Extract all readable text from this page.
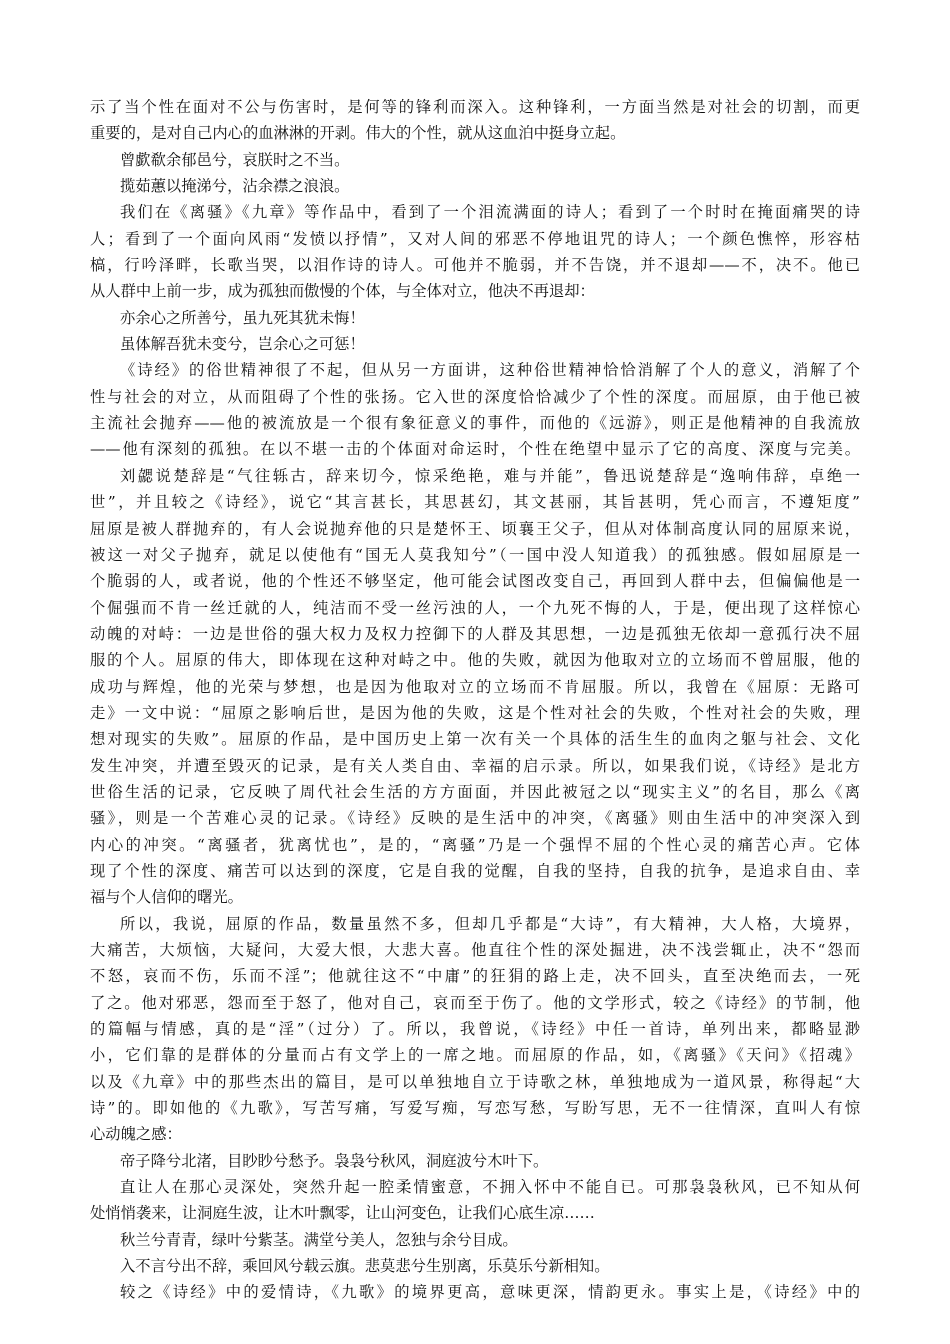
示了当个性在面对不公与伤害时，是何等的锋利而深入。这种锋利，一方面当然是对社会的切割，而更
重要的，是对自己内心的血淋淋的开剥。伟大的个性，就从这血泊中挺身立起。
曾歔欷余郁邑兮，哀朕时之不当。
揽茹蕙以掩涕兮，沾余襟之浪浪。
我们在《离骚》《九章》等作品中，看到了一个泪流满面的诗人；看到了一个时时在掩面痛哭的诗
人；看到了一个面向风雨“发愤以抒情”，又对人间的邪恶不停地诅咒的诗人；一个颜色憔悴，形容枯
槁，行吟泽畔，长歌当哭，以泪作诗的诗人。可他并不脆弱，并不告饶，并不退却——不，决不。他已
从人群中上前一步，成为孤独而傲慢的个体，与全体对立，他决不再退却：
亦余心之所善兮，虽九死其犹未悔！
虽体解吾犹未变兮，岂余心之可惩！
《诗经》的俗世精神很了不起，但从另一方面讲，这种俗世精神恰恰消解了个人的意义，消解了个
性与社会的对立，从而阻碍了个性的张扬。它入世的深度恰恰减少了个性的深度。而屈原，由于他已被
主流社会抛弃——他的被流放是一个很有象征意义的事件，而他的《远游》，则正是他精神的自我流放
——他有深刻的孤独。在以不堪一击的个体面对命运时，个性在绝望中显示了它的高度、深度与完美。
刘勰说楚辞是“气往轹古，辞来切今，惊采绝艳，难与并能”，鲁迅说楚辞是“逸响伟辞，卓绝一
世”，并且较之《诗经》，说它“其言甚长，其思甚幻，其文甚丽，其旨甚明，凭心而言，不遵矩度”
屈原是被人群抛弃的，有人会说抛弃他的只是楚怀王、顷襄王父子，但从对体制高度认同的屈原来说，
被这一对父子抛弃，就足以使他有“国无人莫我知兮”（一国中没人知道我）的孤独感。假如屈原是一
个脆弱的人，或者说，他的个性还不够坚定，他可能会试图改变自己，再回到人群中去，但偏偏他是一
个倔强而不肯一丝迁就的人，纯洁而不受一丝污浊的人，一个九死不悔的人，于是，便出现了这样惊心
动魄的对峙：一边是世俗的强大权力及权力控御下的人群及其思想，一边是孤独无依却一意孤行决不屈
服的个人。屈原的伟大，即体现在这种对峙之中。他的失败，就因为他取对立的立场而不曾屈服，他的
成功与辉煌，他的光荣与梦想，也是因为他取对立的立场而不肯屈服。所以，我曾在《屈原：无路可
走》一文中说：“屈原之影响后世，是因为他的失败，这是个性对社会的失败，个性对社会的失败，理
想对现实的失败”。屈原的作品，是中国历史上第一次有关一个具体的活生生的血肉之躯与社会、文化
发生冲突，并遭至毁灭的记录，是有关人类自由、幸福的启示录。所以，如果我们说，《诗经》是北方
世俗生活的记录，它反映了周代社会生活的方方面面，并因此被冠之以“现实主义”的名目，那么《离
骚》，则是一个苦难心灵的记录。《诗经》反映的是生活中的冲突，《离骚》则由生活中的冲突深入到
内心的冲突。“离骚者，犹离忧也”，是的，“离骚”乃是一个强悍不屈的个性心灵的痛苦心声。它体
现了个性的深度、痛苦可以达到的深度，它是自我的觉醒，自我的坚持，自我的抗争，是追求自由、幸
福与个人信仰的曙光。
所以，我说，屈原的作品，数量虽然不多，但却几乎都是“大诗”，有大精神，大人格，大境界，
大痛苦，大烦恼，大疑问，大爱大恨，大悲大喜。他直往个性的深处掘进，决不浅尝辄止，决不“怨而
不怒，哀而不伤，乐而不淫”；他就往这不“中庸”的狂狷的路上走，决不回头，直至决绝而去，一死
了之。他对邪恶，怨而至于怒了，他对自己，哀而至于伤了。他的文学形式，较之《诗经》的节制，他
的篇幅与情感，真的是“淫”（过分）了。所以，我曾说，《诗经》中任一首诗，单列出来，都略显渺
小，它们靠的是群体的分量而占有文学上的一席之地。而屈原的作品，如，《离骚》《天问》《招魂》
以及《九章》中的那些杰出的篇目，是可以单独地自立于诗歌之林，单独地成为一道风景，称得起“大
诗”的。即如他的《九歌》，写苦写痛，写爱写痴，写恋写愁，写盼写思，无不一往情深，直叫人有惊
心动魄之感：
帝子降兮北渚，目眇眇兮愁予。袅袅兮秋风，洞庭波兮木叶下。
直让人在那心灵深处，突然升起一腔柔情蜜意，不拥入怀中不能自已。可那袅袅秋风，已不知从何
处悄悄袭来，让洞庭生波，让木叶飘零，让山河变色，让我们心底生凉……
秋兰兮青青，绿叶兮紫茎。满堂兮美人，忽独与余兮目成。
入不言兮出不辞，乘回风兮载云旗。悲莫悲兮生别离，乐莫乐兮新相知。
较之《诗经》中的爱情诗，《九歌》的境界更高，意味更深，情韵更永。事实上是，《诗经》中的
